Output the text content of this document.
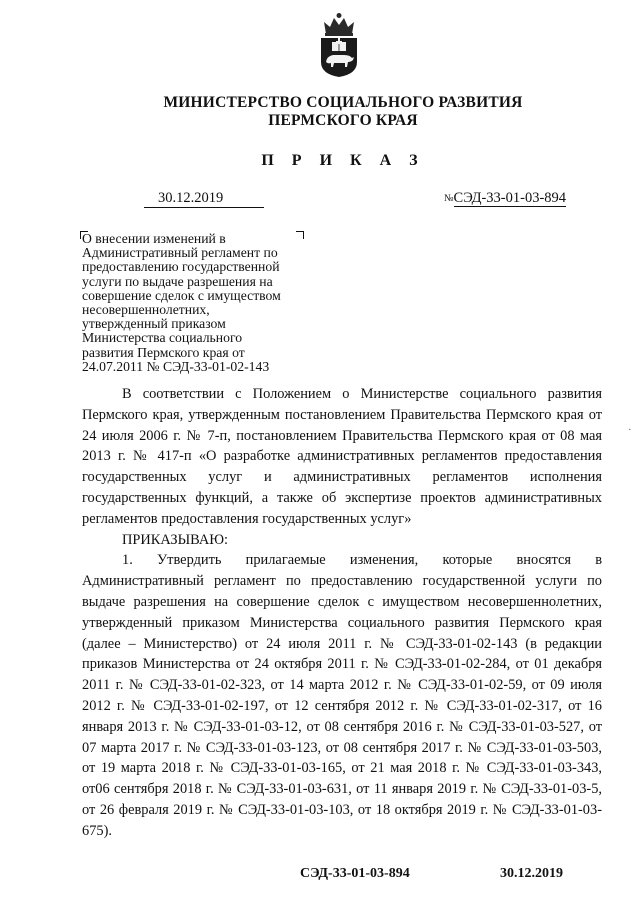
МИНИСТЕРСТВО СОЦИАЛЬНОГО РАЗВИТИЯ
ПЕРМСКОГО КРАЯ
П Р И К А З
30.12.2019	№СЭД-33-01-03-894
О внесении изменений в
Административный регламент по
предоставлению государственной
услуги по выдаче разрешения на
совершение сделок с имуществом
несовершеннолетних,
утвержденный приказом
Министерства социального
развития Пермского края от
24.07.2011 № СЭД-33-01-02-143

В соответствии с Положением о Министерстве социального развития Пермского края, утвержденным постановлением Правительства Пермского края от 24 июля 2006 г. № 7-п, постановлением Правительства Пермского края от 08 мая 2013 г. № 417-п «О разработке административных регламентов предоставления государственных услуг и административных регламентов исполнения государственных функций, а также об экспертизе проектов административных регламентов предоставления государственных услуг»

ПРИКАЗЫВАЮ:

1. Утвердить прилагаемые изменения, которые вносятся в Административный регламент по предоставлению государственной услуги по выдаче разрешения на совершение сделок с имуществом несовершеннолетних, утвержденный приказом Министерства социального развития Пермского края (далее – Министерство) от 24 июля 2011 г. № СЭД-33-01-02-143 (в редакции приказов Министерства от 24 октября 2011 г. № СЭД-33-01-02-284, от 01 декабря 2011 г. № СЭД-33-01-02-323, от 14 марта 2012 г. № СЭД-33-01-02-59, от 09 июля 2012 г. № СЭД-33-01-02-197, от 12 сентября 2012 г. № СЭД-33-01-02-317, от 16 января 2013 г. № СЭД-33-01-03-12, от 08 сентября 2016 г. № СЭД-33-01-03-527, от 07 марта 2017 г. № СЭД-33-01-03-123, от 08 сентября 2017 г. № СЭД-33-01-03-503, от 19 марта 2018 г. № СЭД-33-01-03-165, от 21 мая 2018 г. № СЭД-33-01-03-343, от06 сентября 2018 г. № СЭД-33-01-03-631, от 11 января 2019 г. № СЭД-33-01-03-5, от 26 февраля 2019 г. № СЭД-33-01-03-103, от 18 октября 2019 г. № СЭД-33-01-03-675).

·
СЭД-33-01-03-894	30.12.2019
